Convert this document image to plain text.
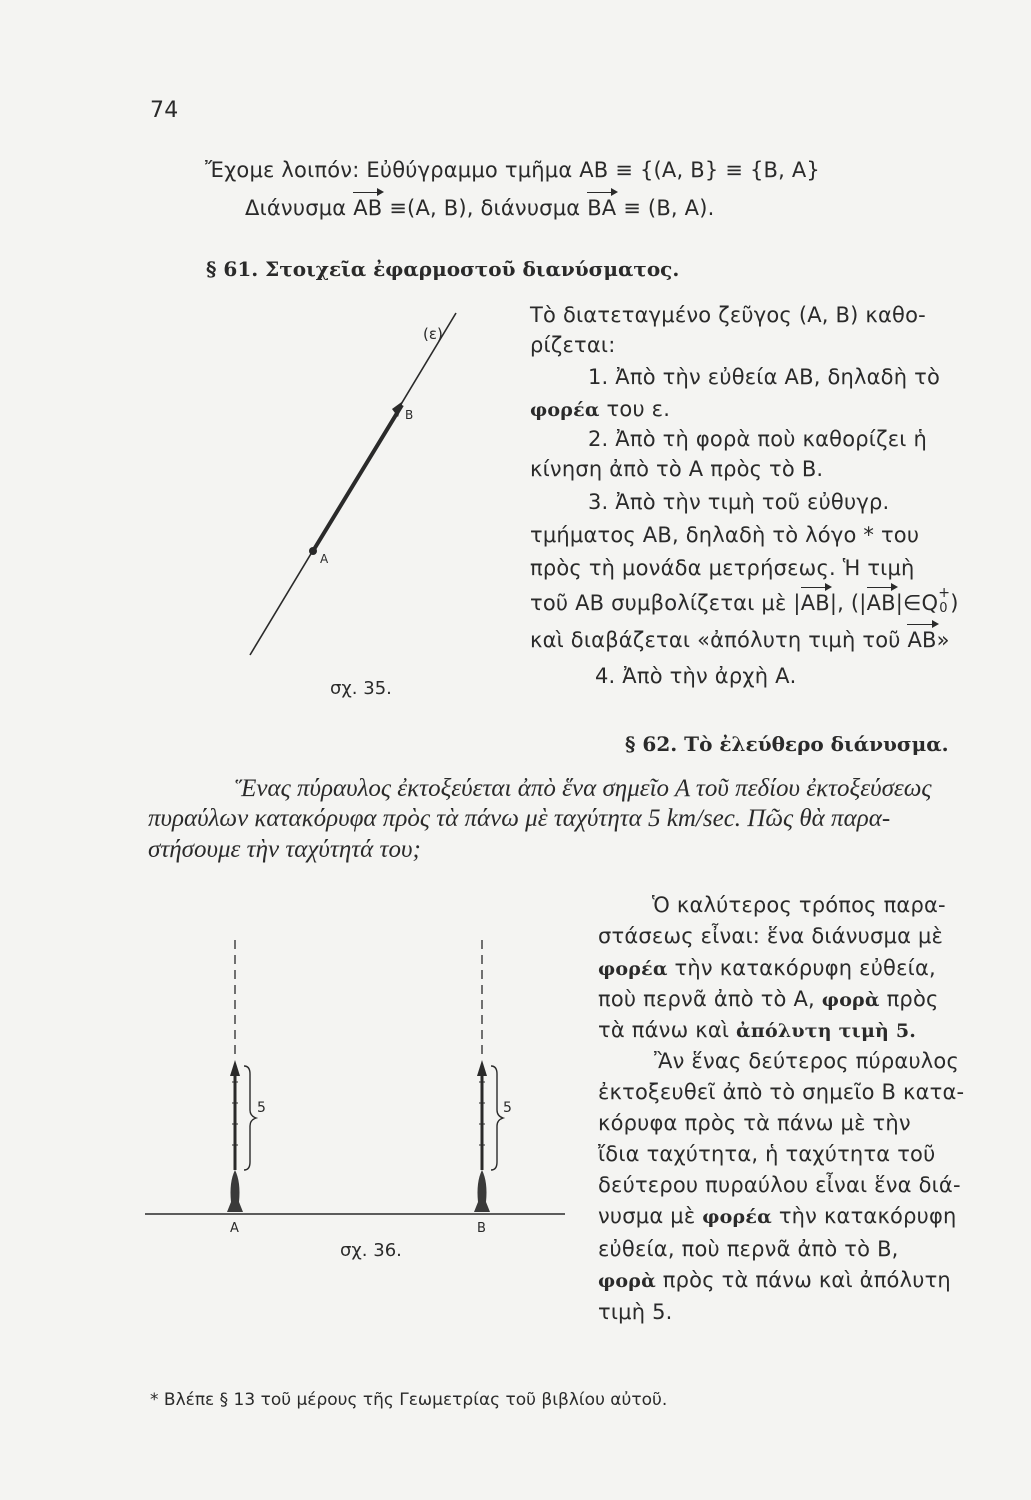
74
Ἔχομε λοιπόν: Εὐθύγραμμο τμῆμα ΑΒ ≡ {(Α, Β} ≡ {Β, Α}
Διάνυσμα ΑΒ ≡(Α, Β), διάνυσμα ΒΑ ≡ (Β, Α).
§ 61. Στοιχεῖα ἐφαρμοστοῦ διανύσματος.
Τὸ διατεταγμένο ζεῦγος (Α, Β) καθο-
ρίζεται:
1. Ἀπὸ τὴν εὐθεία ΑΒ, δηλαδὴ τὸ
φορέα του ε.
2. Ἀπὸ τὴ φορὰ ποὺ καθορίζει ἡ
κίνηση ἀπὸ τὸ Α πρὸς τὸ Β.
3. Ἀπὸ τὴν τιμὴ τοῦ εὐθυγρ.
τμήματος ΑΒ, δηλαδὴ τὸ λόγο * του
πρὸς τὴ μονάδα μετρήσεως. Ἡ τιμὴ
τοῦ ΑΒ συμβολίζεται μὲ |ΑΒ|, (|ΑΒ|∈Q +
0 )
καὶ διαβάζεται «ἀπόλυτη τιμὴ τοῦ ΑΒ»
4. Ἀπὸ τὴν ἀρχὴ Α.
(ε)
Β
Α
σχ. 35.
§ 62. Τὸ ἐλεύθερο διάνυσμα.
Ἕνας πύραυλος ἐκτοξεύεται ἀπὸ ἕνα σημεῖο Α τοῦ πεδίου ἐκτοξεύσεως
πυραύλων κατακόρυφα πρὸς τὰ πάνω μὲ ταχύτητα 5 km/sec. Πῶς θὰ παρα-
στήσουμε τὴν ταχύτητά του;
Ὁ καλύτερος τρόπος παρα-
στάσεως εἶναι: ἕνα διάνυσμα μὲ
φορέα τὴν κατακόρυφη εὐθεία,
ποὺ περνᾶ ἀπὸ τὸ Α, φορὰ πρὸς
τὰ πάνω καὶ ἀπόλυτη τιμὴ 5.
Ἂν ἕνας δεύτερος πύραυλος
ἐκτοξευθεῖ ἀπὸ τὸ σημεῖο Β κατα-
κόρυφα πρὸς τὰ πάνω μὲ τὴν
ἴδια ταχύτητα, ἡ ταχύτητα τοῦ
δεύτερου πυραύλου εἶναι ἕνα διά-
νυσμα μὲ φορέα τὴν κατακόρυφη
εὐθεία, ποὺ περνᾶ ἀπὸ τὸ Β,
φορὰ πρὸς τὰ πάνω καὶ ἀπόλυτη
τιμὴ 5.
5	5
Α	Β
σχ. 36.
* Βλέπε § 13 τοῦ μέρους τῆς Γεωμετρίας τοῦ βιβλίου αὐτοῦ.
